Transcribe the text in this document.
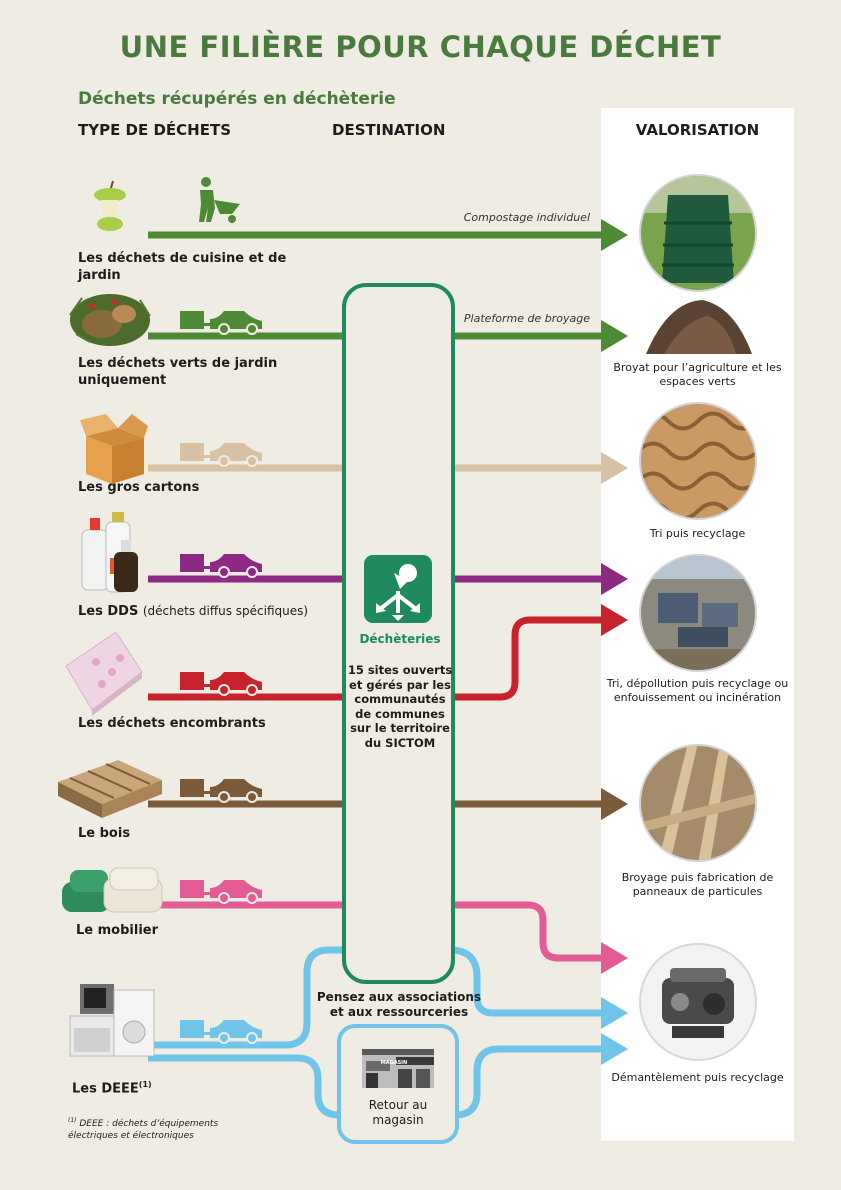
UNE FILIÈRE POUR CHAQUE DÉCHET
Déchets récupérés en déchèterie
TYPE DE DÉCHETS	DESTINATION	VALORISATION
Compostage individuel
Plateforme de broyage
Les déchets de cuisine et de jardin
Les déchets verts de jardin uniquement
Les gros cartons
Les DDS (déchets diffus spécifiques)
Les déchets encombrants
Le bois
Le mobilier
Les DEEE$^{(1)}$
Déchèteries
15 sites ouverts et gérés par les communautés de communes sur le territoire du SICTOM
Pensez aux associations et aux ressourceries
MAGASIN
Retour au magasin
Broyat pour l’agriculture et les espaces verts
Tri puis recyclage
Tri, dépollution puis recyclage ou enfouissement ou incinération
Broyage puis fabrication de panneaux de particules
Démantèlement puis recyclage
$^{(1)}$ DEEE : déchets d’équipements électriques et électroniques
